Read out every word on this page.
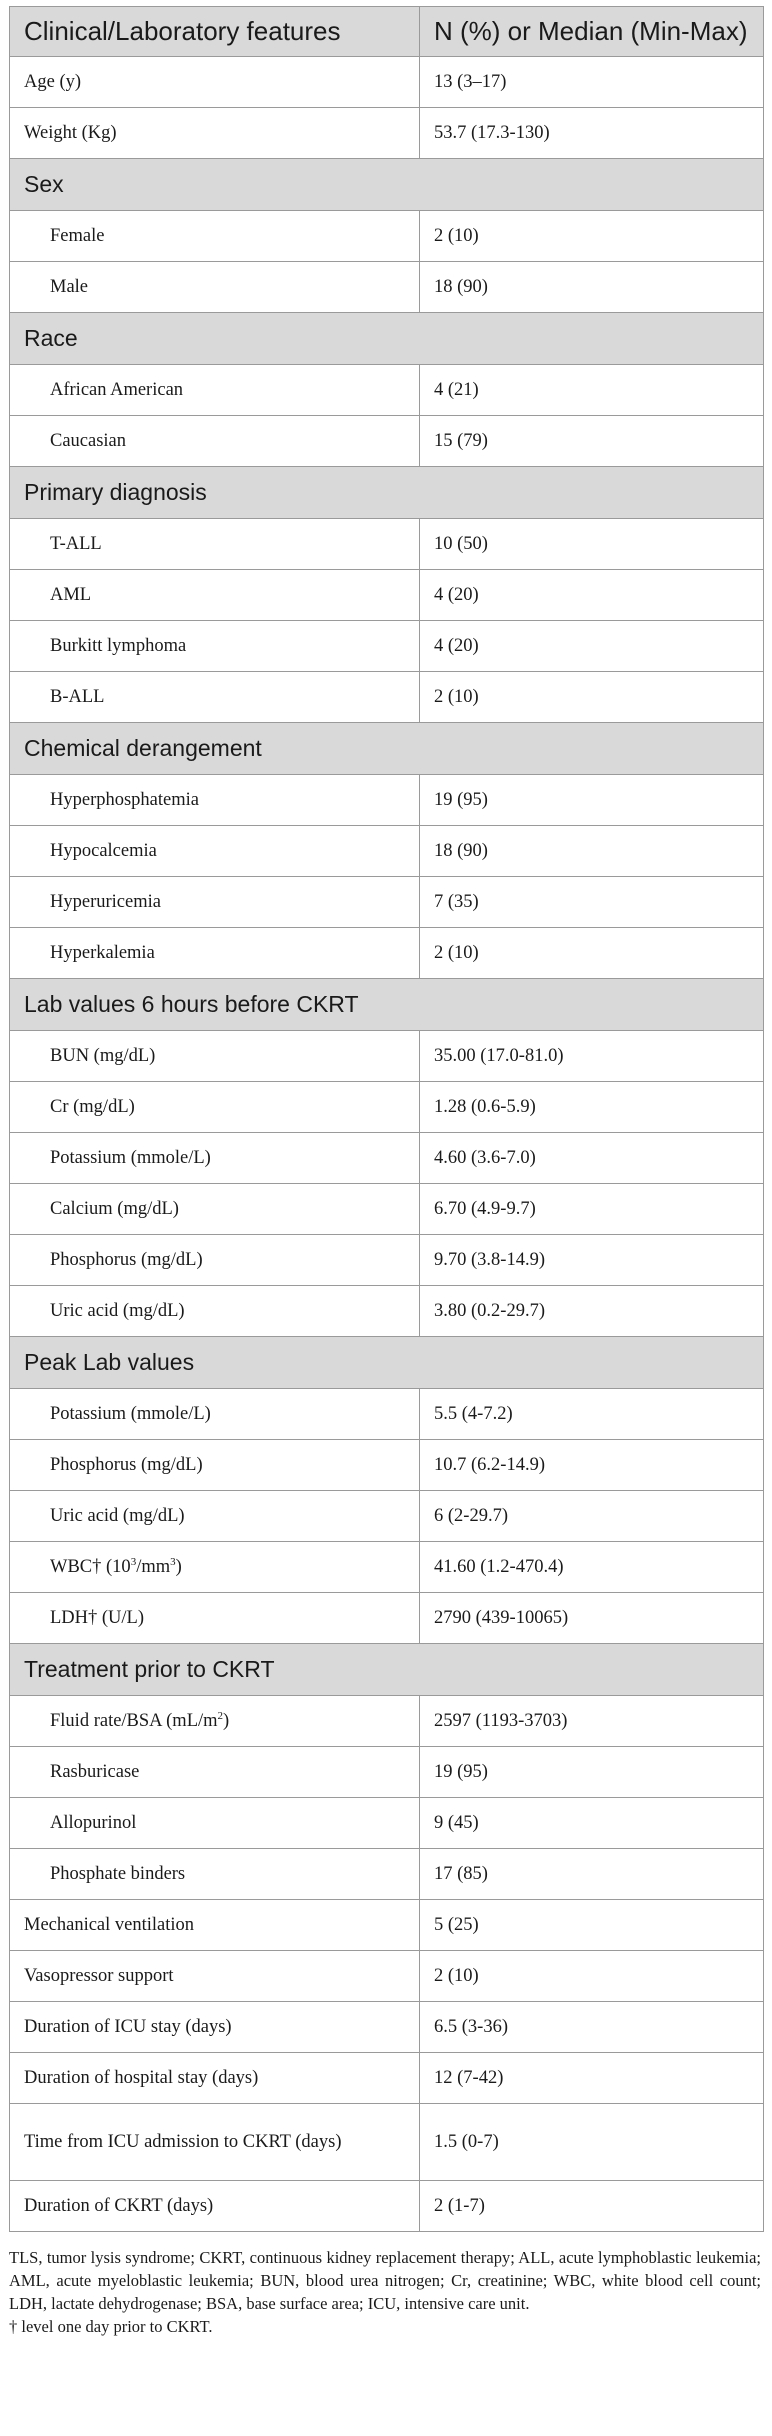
Clinical/Laboratory features	N (%) or Median (Min-Max)
Age (y)	13 (3–17)
Weight (Kg)	53.7 (17.3-130)
Sex	
Female	2 (10)
Male	18 (90)
Race	
African American	4 (21)
Caucasian	15 (79)
Primary diagnosis	
T-ALL	10 (50)
AML	4 (20)
Burkitt lymphoma	4 (20)
B-ALL	2 (10)
Chemical derangement	
Hyperphosphatemia	19 (95)
Hypocalcemia	18 (90)
Hyperuricemia	7 (35)
Hyperkalemia	2 (10)
Lab values 6 hours before CKRT	
BUN (mg/dL)	35.00 (17.0-81.0)
Cr (mg/dL)	1.28 (0.6-5.9)
Potassium (mmole/L)	4.60 (3.6-7.0)
Calcium (mg/dL)	6.70 (4.9-9.7)
Phosphorus (mg/dL)	9.70 (3.8-14.9)
Uric acid (mg/dL)	3.80 (0.2-29.7)
Peak Lab values	
Potassium (mmole/L)	5.5 (4-7.2)
Phosphorus (mg/dL)	10.7 (6.2-14.9)
Uric acid (mg/dL)	6 (2-29.7)
WBC† $(10^3/mm^3)$	41.60 (1.2-470.4)
LDH† (U/L)	2790 (439-10065)
Treatment prior to CKRT	
Fluid rate/BSA $(mL/m^2)$	2597 (1193-3703)
Rasburicase	19 (95)
Allopurinol	9 (45)
Phosphate binders	17 (85)
Mechanical ventilation	5 (25)
Vasopressor support	2 (10)
Duration of ICU stay (days)	6.5 (3-36)
Duration of hospital stay (days)	12 (7-42)
Time from ICU admission to CKRT (days)	1.5 (0-7)
Duration of CKRT (days)	2 (1-7)
TLS, tumor lysis syndrome; CKRT, continuous kidney replacement therapy; ALL, acute lymphoblastic leukemia; AML, acute myeloblastic leukemia; BUN, blood urea nitrogen; Cr, creatinine; WBC, white blood cell count; LDH, lactate dehydrogenase; BSA, base surface area; ICU, intensive care unit.
† level one day prior to CKRT.
